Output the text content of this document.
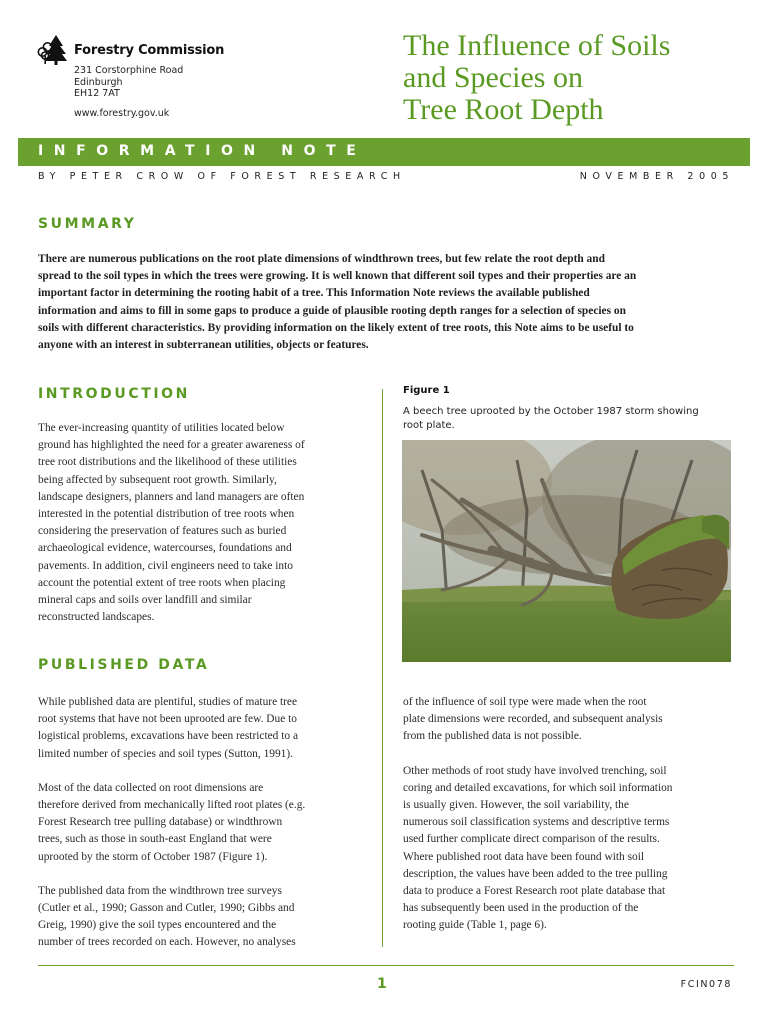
Forestry Commission
231 Corstorphine Road
Edinburgh
EH12 7AT
www.forestry.gov.uk
The Influence of Soils
and Species on
Tree Root Depth
INFORMATION NOTE
BY PETER CROW OF FOREST RESEARCH	NOVEMBER 2005
SUMMARY
There are numerous publications on the root plate dimensions of windthrown trees, but few relate the root depth and
spread to the soil types in which the trees were growing. It is well known that different soil types and their properties are an
important factor in determining the rooting habit of a tree. This Information Note reviews the available published
information and aims to fill in some gaps to produce a guide of plausible rooting depth ranges for a selection of species on
soils with different characteristics. By providing information on the likely extent of tree roots, this Note aims to be useful to
anyone with an interest in subterranean utilities, objects or features.
INTRODUCTION
The ever-increasing quantity of utilities located below
ground has highlighted the need for a greater awareness of
tree root distributions and the likelihood of these utilities
being affected by subsequent root growth. Similarly,
landscape designers, planners and land managers are often
interested in the potential distribution of tree roots when
considering the preservation of features such as buried
archaeological evidence, watercourses, foundations and
pavements. In addition, civil engineers need to take into
account the potential extent of tree roots when placing
mineral caps and soils over landfill and similar
reconstructed landscapes.
Figure 1
A beech tree uprooted by the October 1987 storm showing
root plate.
PUBLISHED DATA

While published data are plentiful, studies of mature tree
root systems that have not been uprooted are few. Due to
logistical problems, excavations have been restricted to a
limited number of species and soil types (Sutton, 1991).

Most of the data collected on root dimensions are
therefore derived from mechanically lifted root plates (e.g.
Forest Research tree pulling database) or windthrown
trees, such as those in south-east England that were
uprooted by the storm of October 1987 (Figure 1).

The published data from the windthrown tree surveys
(Cutler et al., 1990; Gasson and Cutler, 1990; Gibbs and
Greig, 1990) give the soil types encountered and the
number of trees recorded on each. However, no analyses

of the influence of soil type were made when the root
plate dimensions were recorded, and subsequent analysis
from the published data is not possible.

Other methods of root study have involved trenching, soil
coring and detailed excavations, for which soil information
is usually given. However, the soil variability, the
numerous soil classification systems and descriptive terms
used further complicate direct comparison of the results.
Where published root data have been found with soil
description, the values have been added to the tree pulling
data to produce a Forest Research root plate database that
has subsequently been used in the production of the
rooting guide (Table 1, page 6).

1	FCIN078
